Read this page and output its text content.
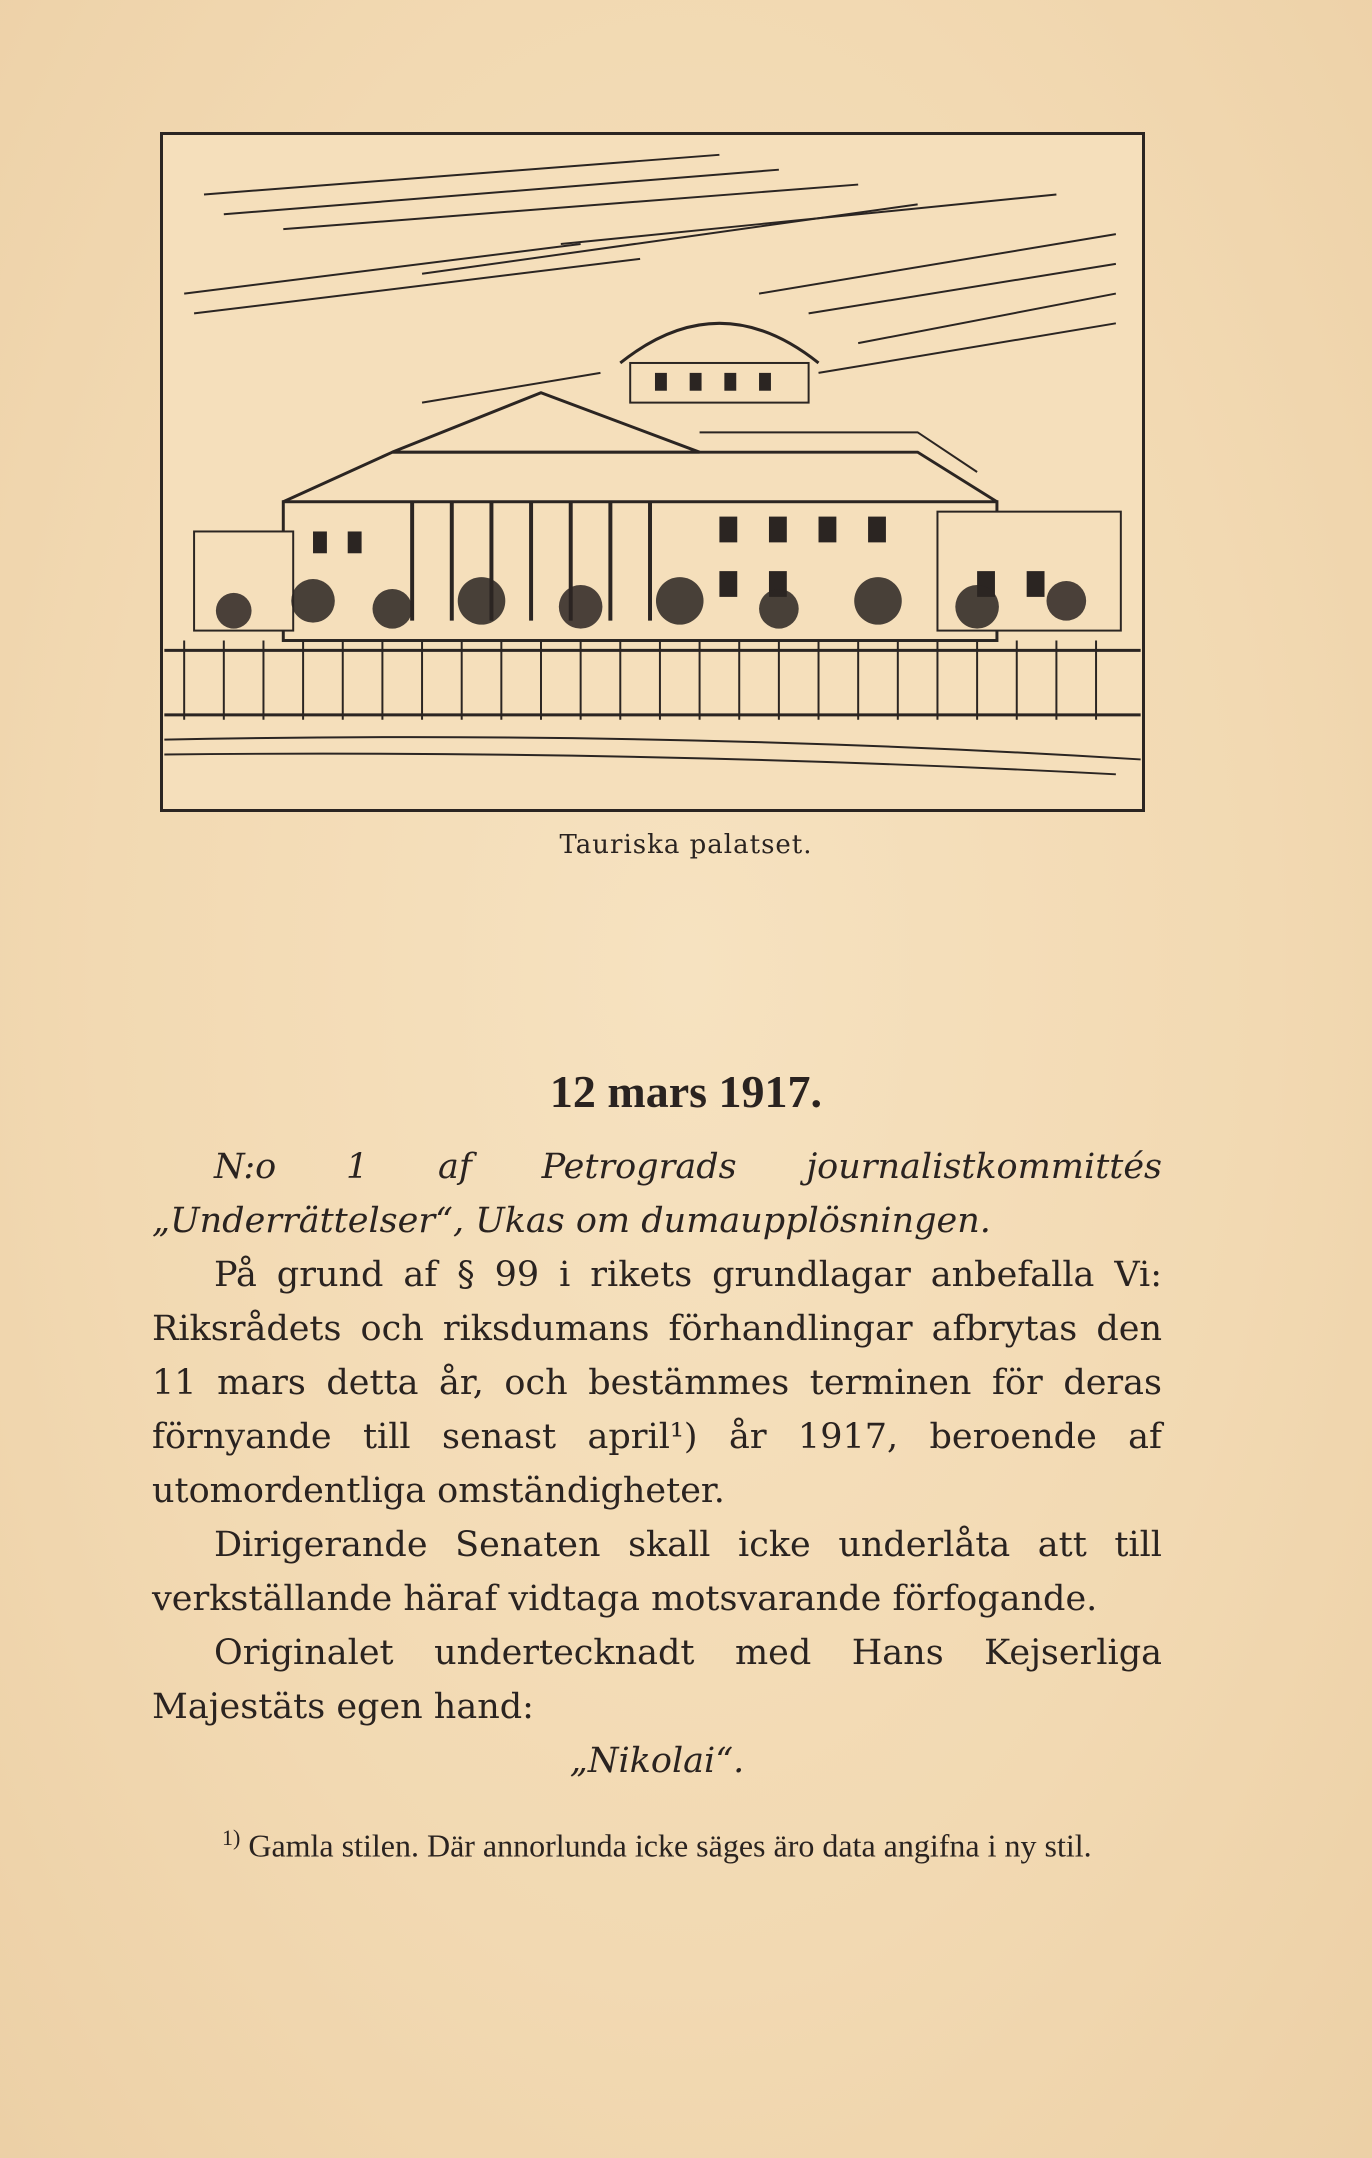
Tauriska palatset.
12 mars 1917.

N:o 1 af Petrograds journalistkommittés „Underrättelser“, Ukas om dumaupplösningen.

På grund af § 99 i rikets grundlagar anbefalla Vi: Riksrådets och riksdumans förhandlingar afbrytas den 11 mars detta år, och bestämmes terminen för deras förnyande till senast april¹) år 1917, beroende af utomordentliga omständigheter.

Dirigerande Senaten skall icke underlåta att till verkställande häraf vidtaga motsvarande förfogande.

Originalet undertecknadt med Hans Kejserliga Majestäts egen hand:

„Nikolai“.

$^{1)}$ Gamla stilen. Där annorlunda icke säges äro data angifna i ny stil.
